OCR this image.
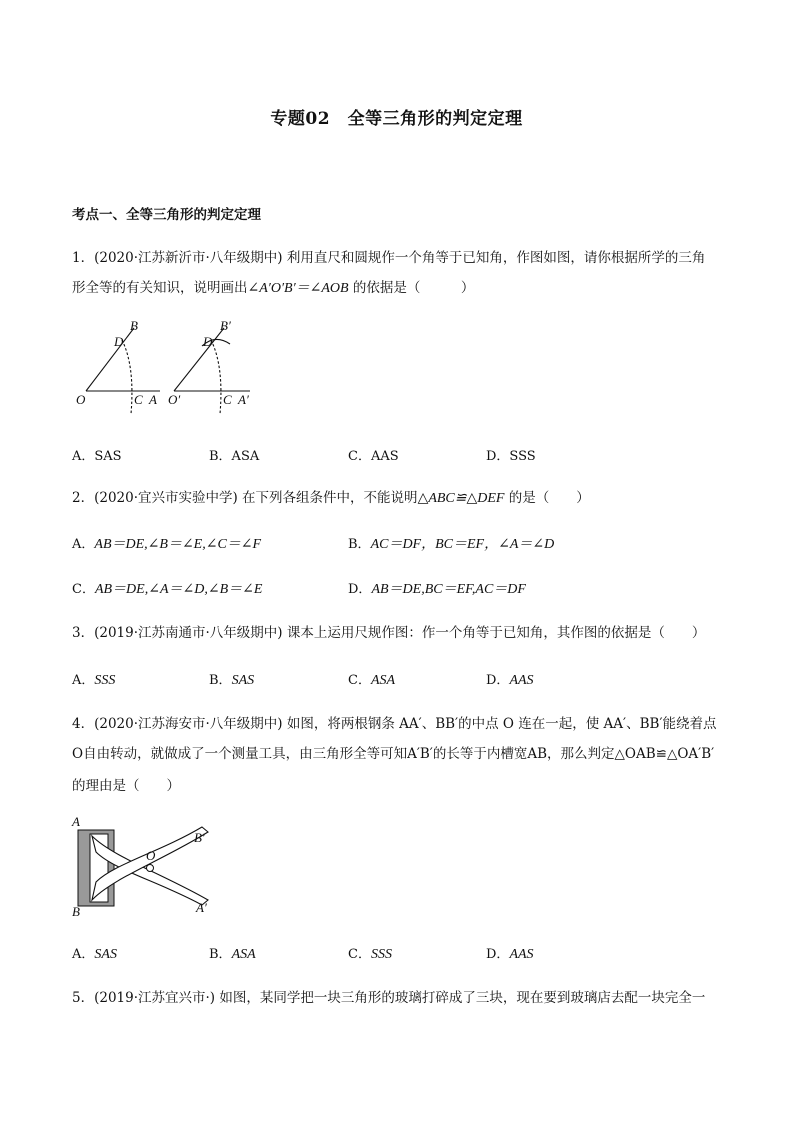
专题02　全等三角形的判定定理
考点一、全等三角形的判定定理
1．(2020·江苏新沂市·八年级期中) 利用直尺和圆规作一个角等于已知角，作图如图，请你根据所学的三角
形全等的有关知识，说明画出∠A′O′B′＝∠AOB 的依据是（　　　）
B
D
O	C A
B′
D
O′	C A′
A．SAS	B．ASA	C．AAS	D．SSS
2．(2020·宜兴市实验中学) 在下列各组条件中，不能说明△ABC≌△DEF 的是（　　）
A．AB＝DE,∠B＝∠E,∠C＝∠F	B．AC＝DF，BC＝EF，∠A＝∠D
C．AB＝DE,∠A＝∠D,∠B＝∠E	D．AB＝DE,BC＝EF,AC＝DF
3．(2019·江苏南通市·八年级期中) 课本上运用尺规作图：作一个角等于已知角，其作图的依据是（　　）
A．SSS	B．SAS	C．ASA	D．AAS
4．(2020·江苏海安市·八年级期中) 如图，将两根钢条 AA′、BB′的中点 O 连在一起，使 AA′、BB′能绕着点
O自由转动，就做成了一个测量工具，由三角形全等可知A′B′的长等于内槽宽AB，那么判定△OAB≌△OA′B′
的理由是（　　）
A
B
O
B′
A′
A．SAS	B．ASA	C．SSS	D．AAS
5．(2019·江苏宜兴市·) 如图，某同学把一块三角形的玻璃打碎成了三块，现在要到玻璃店去配一块完全一
